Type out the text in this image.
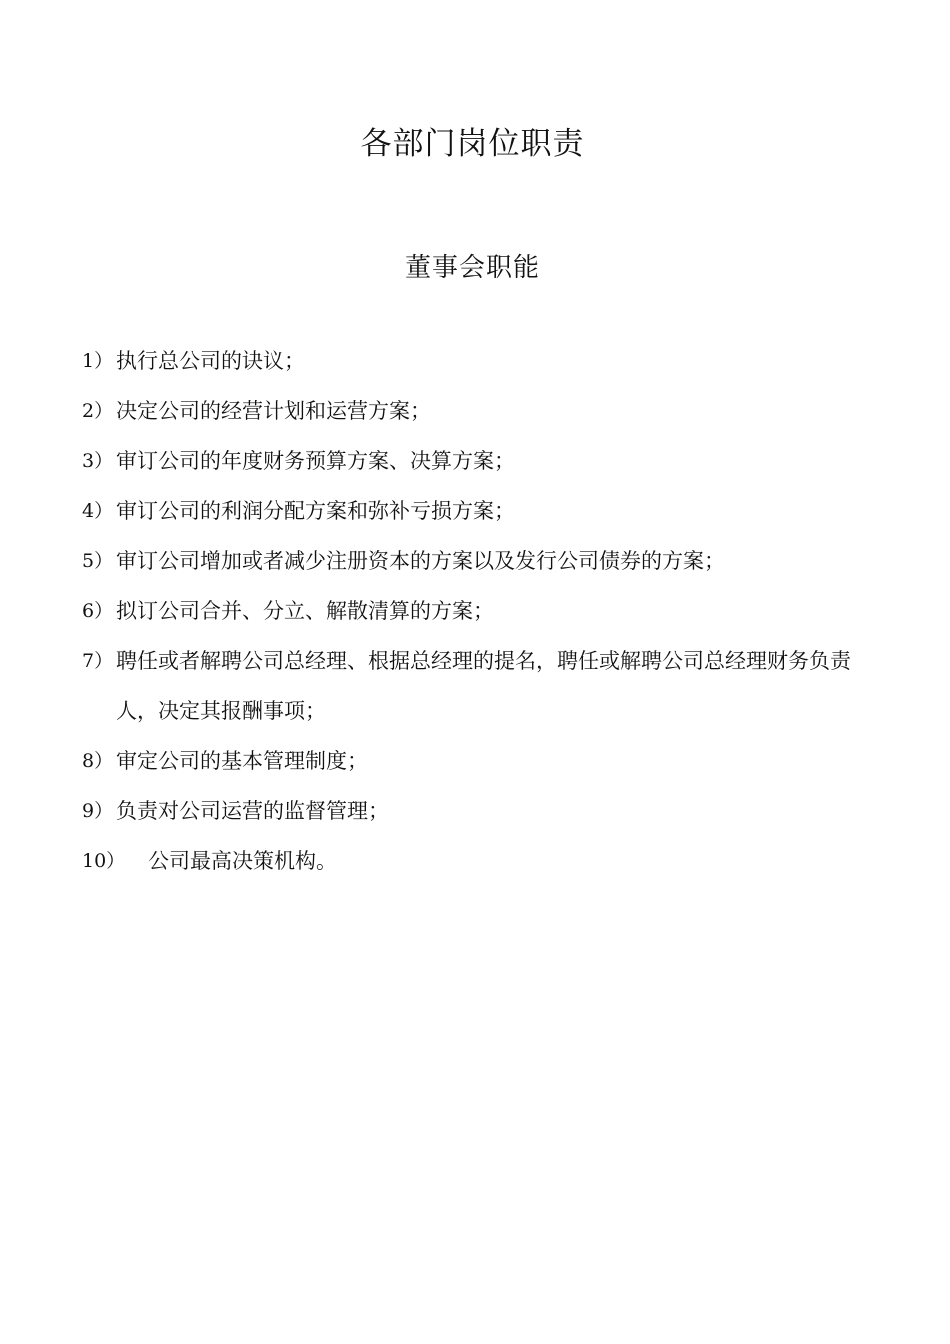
各部门岗位职责
董事会职能
1） 执行总公司的诀议；
2） 决定公司的经营计划和运营方案；
3） 审订公司的年度财务预算方案、决算方案；
4） 审订公司的利润分配方案和弥补亏损方案；
5） 审订公司增加或者减少注册资本的方案以及发行公司债券的方案；
6） 拟订公司合并、分立、解散清算的方案；
7） 聘任或者解聘公司总经理、根据总经理的提名，聘任或解聘公司总经理财务负责人，决定其报酬事项；
8） 审定公司的基本管理制度；
9） 负责对公司运营的监督管理；
10）	公司最高决策机构。
